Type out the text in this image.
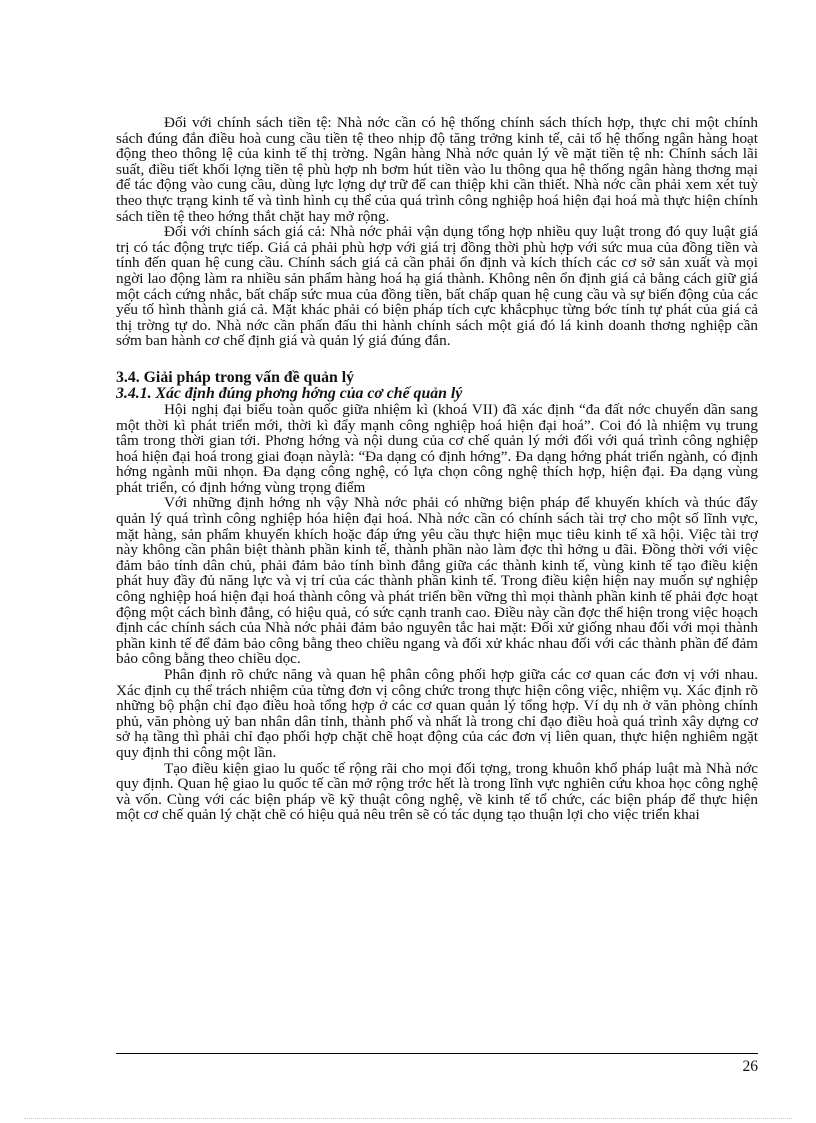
Đối với chính sách tiền tệ: Nhà nớc cần có hệ thống chính sách thích hợp, thực chi một chính sách đúng đắn điều hoà cung cầu tiền tệ theo nhịp độ tăng trởng kinh tế, cải tổ hệ thống ngân hàng hoạt động theo thông lệ của kinh tế thị trờng. Ngân hàng Nhà nớc quản lý về mặt tiền tệ nh: Chính sách lãi suất, điều tiết khối lợng tiền tệ phù hợp nh bơm hút tiền vào lu thông qua hệ thống ngân hàng thơng mại để tác động vào cung cầu, dùng lực lợng dự trữ để can thiệp khi cần thiết. Nhà nớc cần phải xem xét tuỳ theo thực trạng kinh tế và tình hình cụ thể của quá trình công nghiệp hoá hiện đại hoá mà thực hiện chính sách tiền tệ theo hớng thắt chặt hay mở rộng.

Đối với chính sách giá cả: Nhà nớc phải vận dụng tổng hợp nhiều quy luật trong đó quy luật giá trị có tác động trực tiếp. Giá cả phải phù hợp với giá trị đồng thời phù hợp với sức mua của đồng tiền và tính đến quan hệ cung cầu. Chính sách giá cả cần phải ổn định và kích thích các cơ sở sản xuất và mọi ngời lao động làm ra nhiều sản phẩm hàng hoá hạ giá thành. Không nên ổn định giá cả bằng cách giữ giá một cách cứng nhắc, bất chấp sức mua của đồng tiền, bất chấp quan hệ cung cầu và sự biến động của các yếu tố hình thành giá cả. Mặt khác phải có biện pháp tích cực khắcphục từng bớc tính tự phát của giá cả thị trờng tự do. Nhà nớc cần phấn đấu thi hành chính sách một giá đó lá kinh doanh thơng nghiệp cần sớm ban hành cơ chế định giá và quản lý giá đúng đắn.

3.4. Giải pháp trong vấn đề quản lý
3.4.1. Xác định đúng phơng hớng của cơ chế quản lý

Hội nghị đại biểu toàn quốc giữa nhiệm kì (khoá VII) đã xác định “đa đất nớc chuyển dần sang một thời kì phát triển mới, thời kì đẩy mạnh công nghiệp hoá hiện đại hoá”. Coi đó là nhiệm vụ trung tâm trong thời gian tới. Phơng hớng và nội dung của cơ chế quản lý mới đối với quá trình công nghiệp hoá hiện đại hoá trong giai đoạn nàylà: “Đa dạng có định hớng”. Đa dạng hớng phát triển ngành, có định hớng ngành mũi nhọn. Đa dạng công nghệ, có lựa chọn công nghệ thích hợp, hiện đại. Đa dạng vùng phát triển, có định hớng vùng trọng điểm

Với những định hớng nh vậy Nhà nớc phải có những biện pháp để khuyến khích và thúc đẩy quản lý quá trình công nghiệp hóa hiện đại hoá. Nhà nớc cần có chính sách tài trợ cho một số lĩnh vực, mặt hàng, sản phẩm khuyến khích hoặc đáp ứng yêu cầu thực hiện mục tiêu kinh tế xã hội. Việc tài trợ này không cần phân biệt thành phần kinh tế, thành phần nào làm đợc thì hởng u đãi. Đồng thời với việc đảm bảo tính dân chủ, phải đảm bảo tính bình đẳng giữa các thành kinh tế, vùng kinh tế tạo điều kiện phát huy đầy đủ năng lực và vị trí của các thành phần kinh tế. Trong điều kiện hiện nay muốn sự nghiệp công nghiệp hoá hiện đại hoá thành công và phát triển bền vững thì mọi thành phần kinh tế phải đợc hoạt động một cách bình đẳng, có hiệu quả, có sức cạnh tranh cao. Điều này cần đợc thể hiện trong việc hoạch định các chính sách của Nhà nớc phải đảm bảo nguyên tắc hai mặt: Đối xử giống nhau đối với mọi thành phần kinh tế để đảm bảo công bằng theo chiều ngang và đối xử khác nhau đối với các thành phần để đảm bảo công bằng theo chiều dọc.

Phân định rõ chức năng và quan hệ phân công phối hợp giữa các cơ quan các đơn vị với nhau. Xác định cụ thể trách nhiệm của từng đơn vị công chức trong thực hiện công việc, nhiệm vụ. Xác định rõ những bộ phận chỉ đạo điều hoà tổng hợp ở các cơ quan quản lý tổng hợp. Ví dụ nh ở văn phòng chính phủ, văn phòng uỷ ban nhân dân tỉnh, thành phố và nhất là trong chỉ đạo điều hoà quá trình xây dựng cơ sở hạ tầng thì phải chỉ đạo phối hợp chặt chẽ hoạt động của các đơn vị liên quan, thực hiện nghiêm ngặt quy định thi công một lần.

Tạo điều kiện giao lu quốc tế rộng rãi cho mọi đối tợng, trong khuôn khổ pháp luật mà Nhà nớc quy định. Quan hệ giao lu quốc tế cần mở rộng trớc hết là trong lĩnh vực nghiên cứu khoa học công nghệ và vốn. Cùng với các biện pháp về kỹ thuật công nghệ, về kinh tế tổ chức, các biện pháp để thực hiện một cơ chế quản lý chặt chẽ có hiệu quả nêu trên sẽ có tác dụng tạo thuận lợi cho việc triển khai

26
